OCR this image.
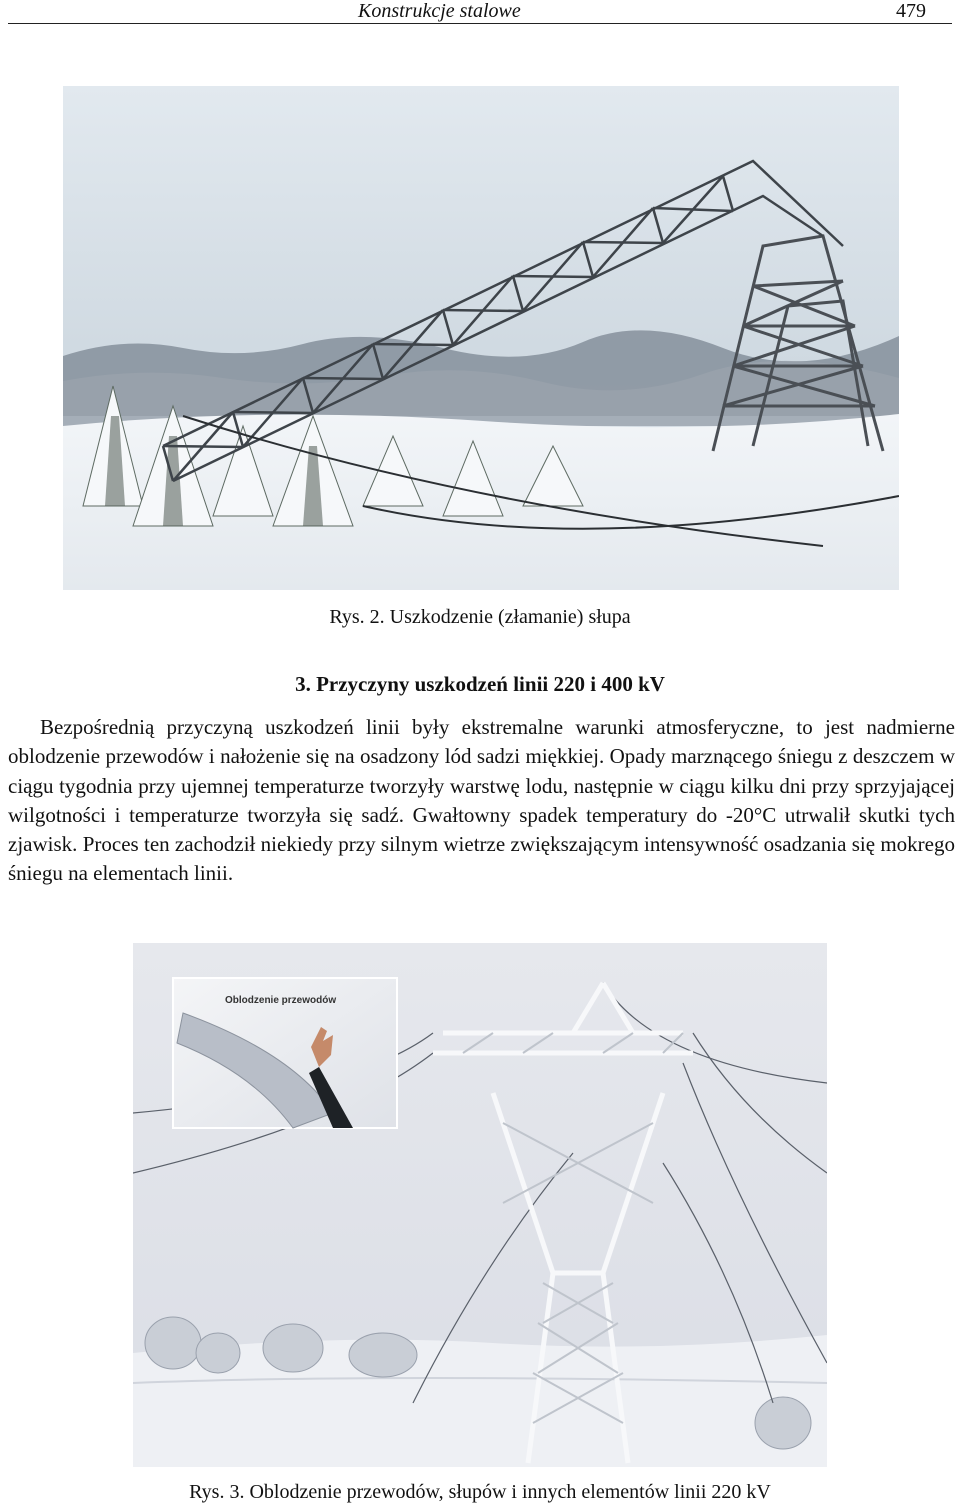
Konstrukcje stalowe	479
Rys. 2. Uszkodzenie (złamanie) słupa
3. Przyczyny uszkodzeń linii 220 i 400 kV

Bezpośrednią przyczyną uszkodzeń linii były ekstremalne warunki atmosferyczne, to jest nadmierne oblodzenie przewodów i nałożenie się na osadzony lód sadzi miękkiej. Opady marznącego śniegu z deszczem w ciągu tygodnia przy ujemnej temperaturze tworzyły warstwę lodu, następnie w ciągu kilku dni przy sprzyjającej wilgotności i temperaturze tworzyła się sadź. Gwałtowny spadek temperatury do -20°C utrwalił skutki tych zjawisk. Proces ten zachodził niekiedy przy silnym wietrze zwiększającym intensywność osadzania się mokrego śniegu na elementach linii.

Oblodzenie przewodów
Rys. 3. Oblodzenie przewodów, słupów i innych elementów linii 220 kV
